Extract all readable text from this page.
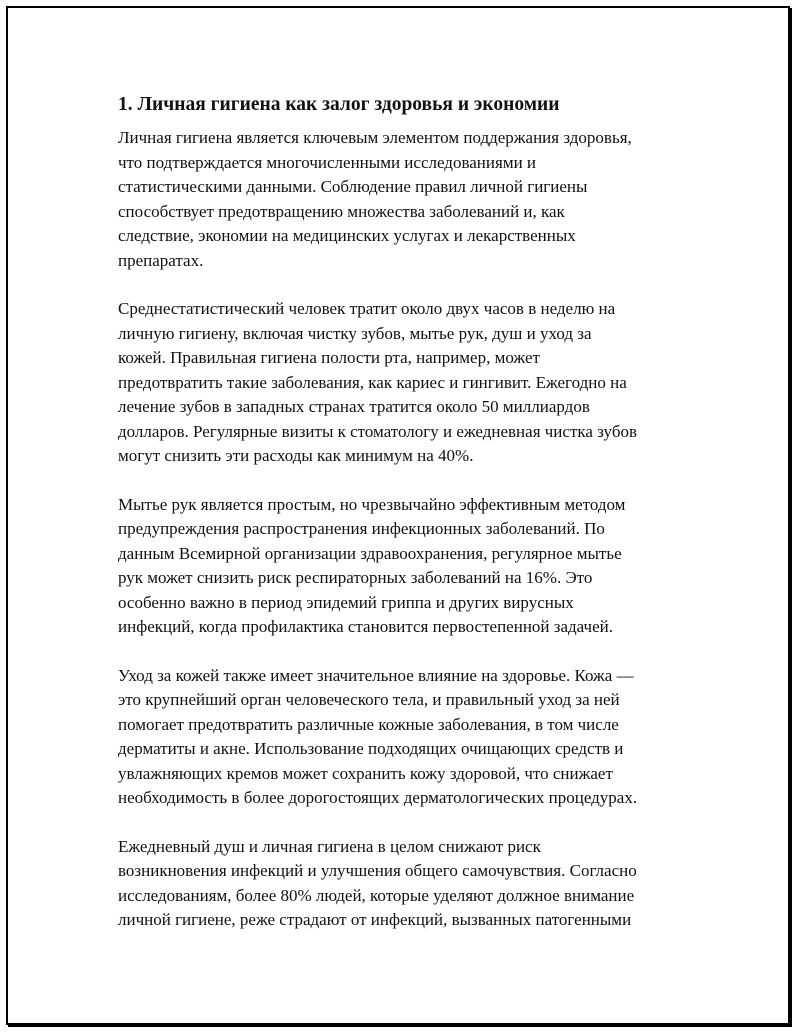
1. Личная гигиена как залог здоровья и экономии
Личная гигиена является ключевым элементом поддержания здоровья,
что подтверждается многочисленными исследованиями и
статистическими данными. Соблюдение правил личной гигиены
способствует предотвращению множества заболеваний и, как
следствие, экономии на медицинских услугах и лекарственных
препаратах.
Среднестатистический человек тратит около двух часов в неделю на
личную гигиену, включая чистку зубов, мытье рук, душ и уход за
кожей. Правильная гигиена полости рта, например, может
предотвратить такие заболевания, как кариес и гингивит. Ежегодно на
лечение зубов в западных странах тратится около 50 миллиардов
долларов. Регулярные визиты к стоматологу и ежедневная чистка зубов
могут снизить эти расходы как минимум на 40%.
Мытье рук является простым, но чрезвычайно эффективным методом
предупреждения распространения инфекционных заболеваний. По
данным Всемирной организации здравоохранения, регулярное мытье
рук может снизить риск респираторных заболеваний на 16%. Это
особенно важно в период эпидемий гриппа и других вирусных
инфекций, когда профилактика становится первостепенной задачей.
Уход за кожей также имеет значительное влияние на здоровье. Кожа —
это крупнейший орган человеческого тела, и правильный уход за ней
помогает предотвратить различные кожные заболевания, в том числе
дерматиты и акне. Использование подходящих очищающих средств и
увлажняющих кремов может сохранить кожу здоровой, что снижает
необходимость в более дорогостоящих дерматологических процедурах.
Ежедневный душ и личная гигиена в целом снижают риск
возникновения инфекций и улучшения общего самочувствия. Согласно
исследованиям, более 80% людей, которые уделяют должное внимание
личной гигиене, реже страдают от инфекций, вызванных патогенными
